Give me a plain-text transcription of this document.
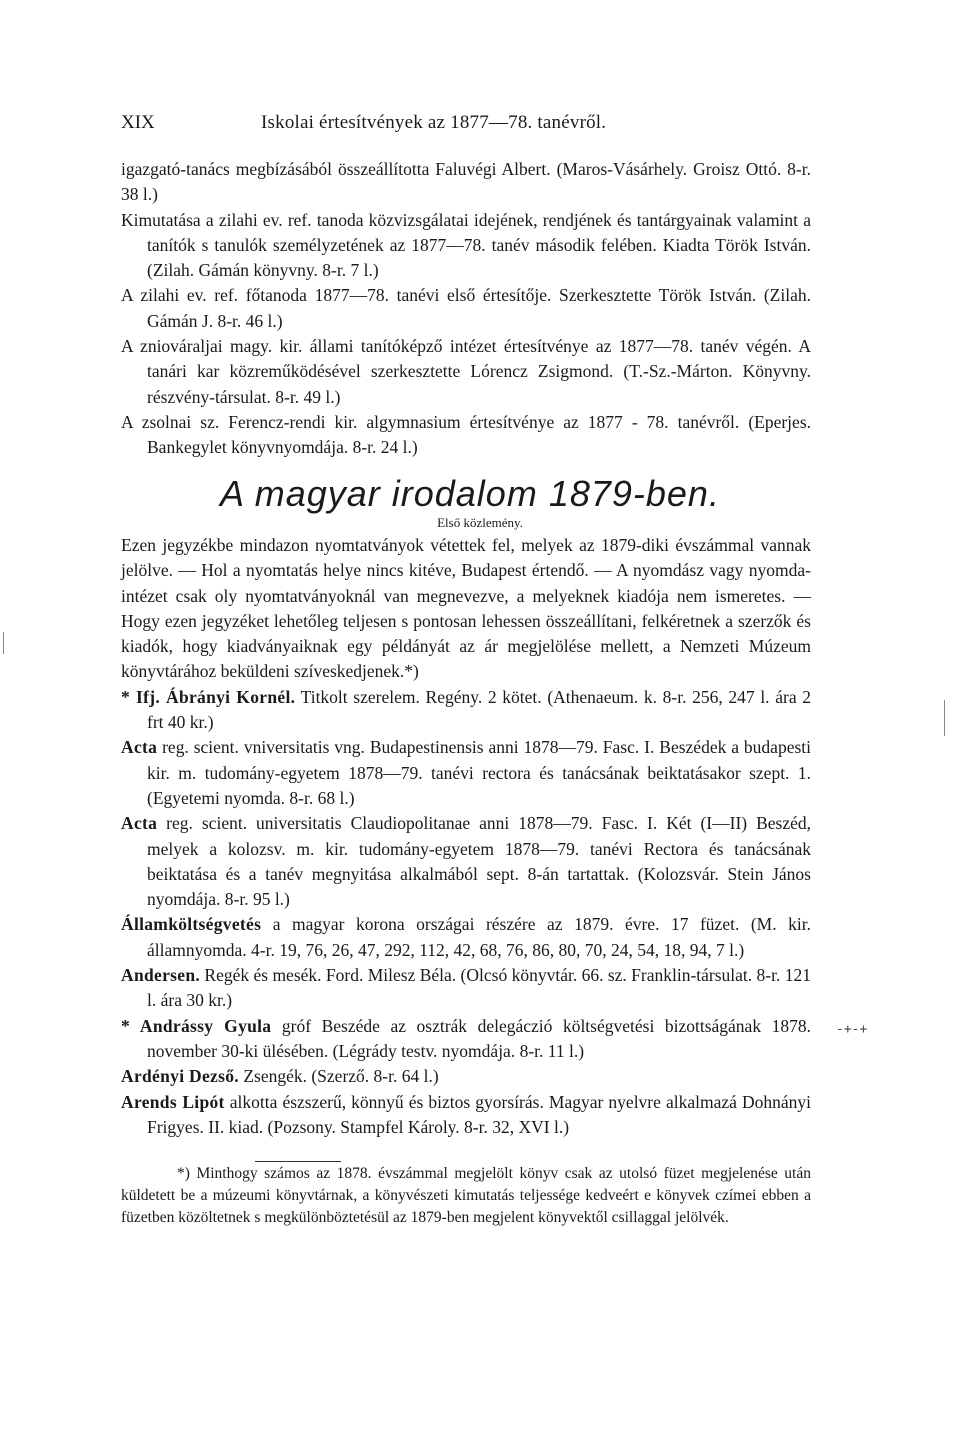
XIX	Iskolai értesítvények az 1877—78. tanévről.

igazgató-tanács megbízásából összeállította Faluvégi Albert. (Maros-Vásárhely. Groisz Ottó. 8-r. 38 l.)

Kimutatása a zilahi ev. ref. tanoda közvizsgálatai idejének, rendjének és tantárgyainak valamint a tanítók s tanulók személyzetének az 1877—78. tanév második felében. Kiadta Török István. (Zilah. Gámán könyvny. 8-r. 7 l.)

A zilahi ev. ref. főtanoda 1877—78. tanévi első értesítője. Szerkesztette Török István. (Zilah. Gámán J. 8-r. 46 l.)

A zniováraljai magy. kir. állami tanítóképző intézet értesítvénye az 1877—78. tanév végén. A tanári kar közreműködésével szerkesztette Lórencz Zsigmond. (T.-Sz.-Márton. Könyvny. részvény-társulat. 8-r. 49 l.)

A zsolnai sz. Ferencz-rendi kir. algymnasium értesítvénye az 1877 - 78. tanévről. (Eperjes. Bankegylet könyvnyomdája. 8-r. 24 l.)

A magyar irodalom 1879-ben.
Első közlemény.

Ezen jegyzékbe mindazon nyomtatványok vétettek fel, melyek az 1879-diki évszámmal vannak jelölve. — Hol a nyomtatás helye nincs kitéve, Budapest értendő. — A nyomdász vagy nyomda-intézet csak oly nyomtatványoknál van megnevezve, a melyeknek kiadója nem ismeretes. — Hogy ezen jegyzéket lehetőleg teljesen s pontosan lehessen összeállítani, felkéretnek a szerzők és kiadók, hogy kiadványaiknak egy példányát az ár megjelölése mellett, a Nemzeti Múzeum könyvtárához beküldeni szíveskedjenek.*)

* Ifj. Ábrányi Kornél. Titkolt szerelem. Regény. 2 kötet. (Athenaeum. k. 8-r. 256, 247 l. ára 2 frt 40 kr.)

Acta reg. scient. vniversitatis vng. Budapestinensis anni 1878—79. Fasc. I. Beszédek a budapesti kir. m. tudomány-egyetem 1878—79. tanévi rectora és tanácsának beiktatásakor szept. 1. (Egyetemi nyomda. 8-r. 68 l.)

Acta reg. scient. universitatis Claudiopolitanae anni 1878—79. Fasc. I. Két (I—II) Beszéd, melyek a kolozsv. m. kir. tudomány-egyetem 1878—79. tanévi Rectora és tanácsának beiktatása és a tanév megnyitása alkalmából sept. 8-án tartattak. (Kolozsvár. Stein János nyomdája. 8-r. 95 l.)

Államköltségvetés a magyar korona országai részére az 1879. évre. 17 füzet. (M. kir. államnyomda. 4-r. 19, 76, 26, 47, 292, 112, 42, 68, 76, 86, 80, 70, 24, 54, 18, 94, 7 l.)

Andersen. Regék és mesék. Ford. Milesz Béla. (Olcsó könyvtár. 66. sz. Franklin-társulat. 8-r. 121 l. ára 30 kr.)

* Andrássy Gyula gróf Beszéde az osztrák delegáczió költségvetési bizottságának 1878. november 30-ki ülésében. (Légrády testv. nyomdája. 8-r. 11 l.)

Ardényi Dezső. Zsengék. (Szerző. 8-r. 64 l.)

Arends Lipót alkotta észszerű, könnyű és biztos gyorsírás. Magyar nyelvre alkalmazá Dohnányi Frigyes. II. kiad. (Pozsony. Stampfel Károly. 8-r. 32, XVI l.)

-+-+

*) Minthogy számos az 1878. évszámmal megjelölt könyv csak az utolsó füzet megjelenése után küldetett be a múzeumi könyvtárnak, a könyvészeti kimutatás teljessége kedveért e könyvek czímei ebben a füzetben közöltetnek s megkülönböztetésül az 1879-ben megjelent könyvektől csillaggal jelölvék.
